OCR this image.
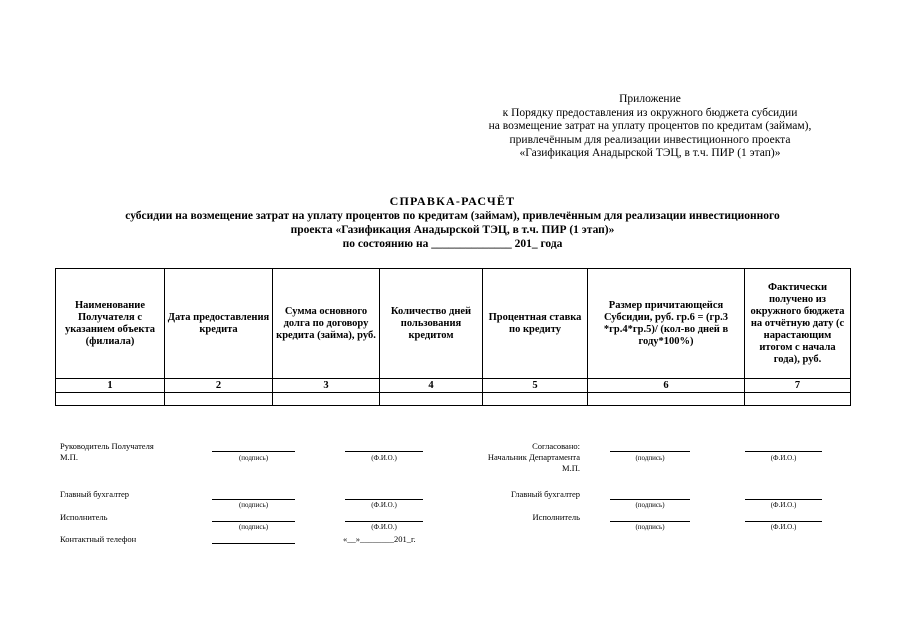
Приложение
к Порядку предоставления из окружного бюджета субсидии
на возмещение затрат на уплату процентов по кредитам (займам),
привлечённым для реализации инвестиционного проекта
«Газификация Анадырской ТЭЦ, в т.ч. ПИР (1 этап)»
СПРАВКА-РАСЧЁТ
субсидии на возмещение затрат на уплату процентов по кредитам (займам), привлечённым для реализации инвестиционного
проекта «Газификация Анадырской ТЭЦ, в т.ч. ПИР (1 этап)»
по состоянию на ______________ 201_ года
Наименование Получателя с указанием объекта (филиала)	Дата предоставления кредита	Сумма основного долга по договору кредита (займа), руб.	Количество дней пользования кредитом	Процентная ставка по кредиту	Размер причитающейся Субсидии, руб. гр.6 = (гр.3 *гр.4*гр.5)/ (кол-во дней в году*100%)	Фактически получено из окружного бюджета на отчётную дату (с нарастающим итогом с начала года), руб.
1	2	3	4	5	6	7

Руководитель Получателя
М.П.	(подпись)	(Ф.И.О.)
Главный бухгалтер
(подпись)	(Ф.И.О.)
Исполнитель
(подпись)	(Ф.И.О.)
Контактный телефон	«__»________201_г.
Согласовано:
Начальник Департамента
М.П.
(подпись)	(Ф.И.О.)
Главный бухгалтер
(подпись)	(Ф.И.О.)
Исполнитель
(подпись)	(Ф.И.О.)
